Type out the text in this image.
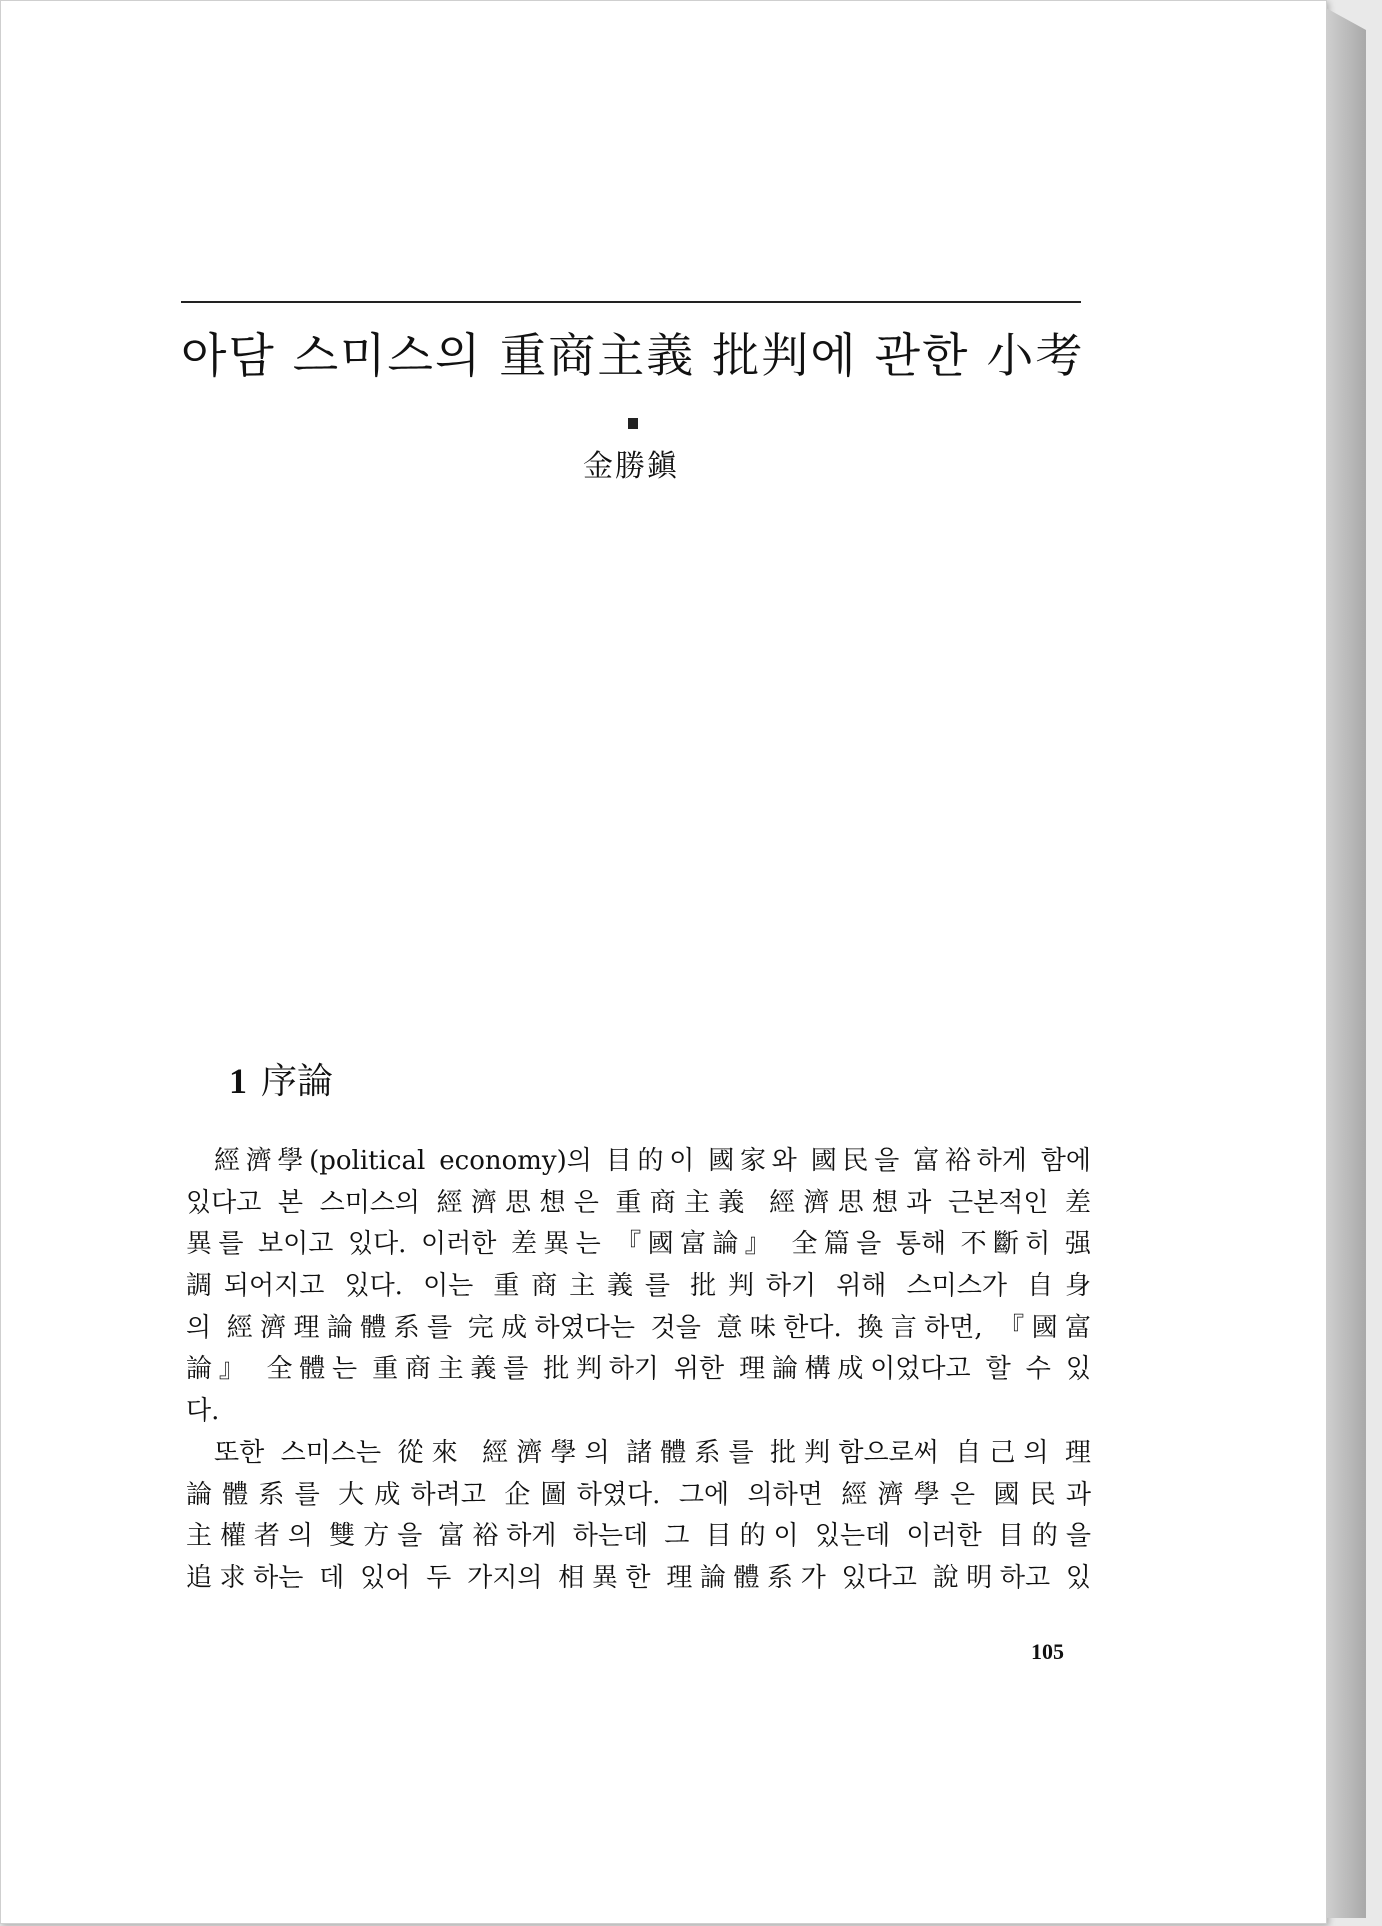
아담 스미스의 重商主義 批判에 관한 小考
金勝鎭
1 序論
經濟學(political economy)의 目的이 國家와 國民을 富裕하게 함에
있다고 본 스미스의 經濟思想은 重商主義 經濟思想과 근본적인 差
異를 보이고 있다. 이러한 差異는 『國富論』 全篇을 통해 不斷히 强
調되어지고 있다. 이는 重商主義를 批判하기 위해 스미스가 自身
의 經濟理論體系를 完成하였다는 것을 意味한다. 換言하면, 『國富
論』 全體는 重商主義를 批判하기 위한 理論構成이었다고 할 수 있
다.
또한 스미스는 從來 經濟學의 諸體系를 批判함으로써 自己의 理
論體系를 大成하려고 企圖하였다. 그에 의하면 經濟學은 國民과
主權者의 雙方을 富裕하게 하는데 그 目的이 있는데 이러한 目的을
追求하는 데 있어 두 가지의 相異한 理論體系가 있다고 說明하고 있
105
